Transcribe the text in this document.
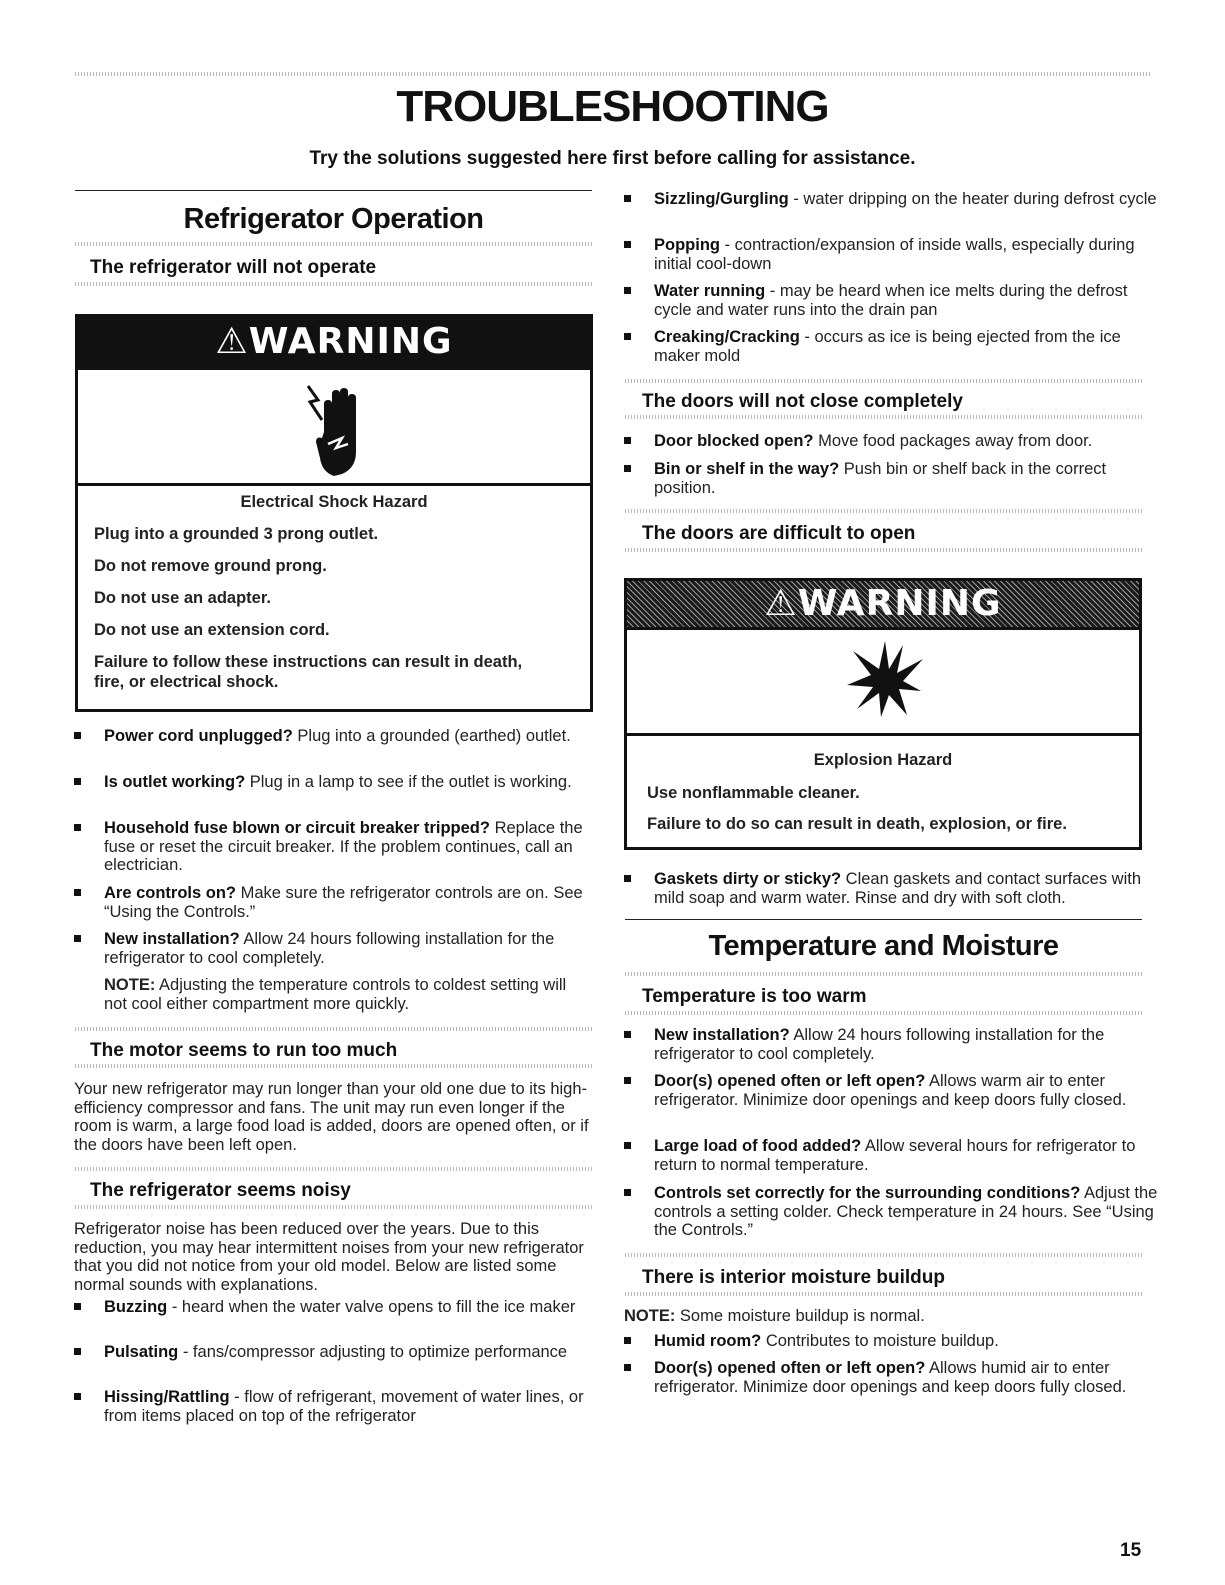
TROUBLESHOOTING
Try the solutions suggested here first before calling for assistance.
Refrigerator Operation
The refrigerator will not operate
⚠WARNING
Electrical Shock Hazard
Plug into a grounded 3 prong outlet.
Do not remove ground prong.
Do not use an adapter.
Do not use an extension cord.
Failure to follow these instructions can result in death,
fire, or electrical shock.
Power cord unplugged? Plug into a grounded (earthed) outlet.
Is outlet working? Plug in a lamp to see if the outlet is working.
Household fuse blown or circuit breaker tripped? Replace the fuse or reset the circuit breaker. If the problem continues, call an electrician.
Are controls on? Make sure the refrigerator controls are on. See “Using the Controls.”
New installation? Allow 24 hours following installation for the refrigerator to cool completely.
NOTE: Adjusting the temperature controls to coldest setting will not cool either compartment more quickly.
The motor seems to run too much
Your new refrigerator may run longer than your old one due to its high-efficiency compressor and fans. The unit may run even longer if the room is warm, a large food load is added, doors are opened often, or if the doors have been left open.
The refrigerator seems noisy
Refrigerator noise has been reduced over the years. Due to this reduction, you may hear intermittent noises from your new refrigerator that you did not notice from your old model. Below are listed some normal sounds with explanations.
Buzzing - heard when the water valve opens to fill the ice maker
Pulsating - fans/compressor adjusting to optimize performance
Hissing/Rattling - flow of refrigerant, movement of water lines, or from items placed on top of the refrigerator
Sizzling/Gurgling - water dripping on the heater during defrost cycle
Popping - contraction/expansion of inside walls, especially during initial cool-down
Water running - may be heard when ice melts during the defrost cycle and water runs into the drain pan
Creaking/Cracking - occurs as ice is being ejected from the ice maker mold
The doors will not close completely
Door blocked open? Move food packages away from door.
Bin or shelf in the way? Push bin or shelf back in the correct position.
The doors are difficult to open
⚠WARNING
Explosion Hazard
Use nonflammable cleaner.
Failure to do so can result in death, explosion, or fire.
Gaskets dirty or sticky? Clean gaskets and contact surfaces with mild soap and warm water. Rinse and dry with soft cloth.
Temperature and Moisture
Temperature is too warm
New installation? Allow 24 hours following installation for the refrigerator to cool completely.
Door(s) opened often or left open? Allows warm air to enter refrigerator. Minimize door openings and keep doors fully closed.
Large load of food added? Allow several hours for refrigerator to return to normal temperature.
Controls set correctly for the surrounding conditions? Adjust the controls a setting colder. Check temperature in 24 hours. See “Using the Controls.”
There is interior moisture buildup
NOTE: Some moisture buildup is normal.
Humid room? Contributes to moisture buildup.
Door(s) opened often or left open? Allows humid air to enter refrigerator. Minimize door openings and keep doors fully closed.
15
